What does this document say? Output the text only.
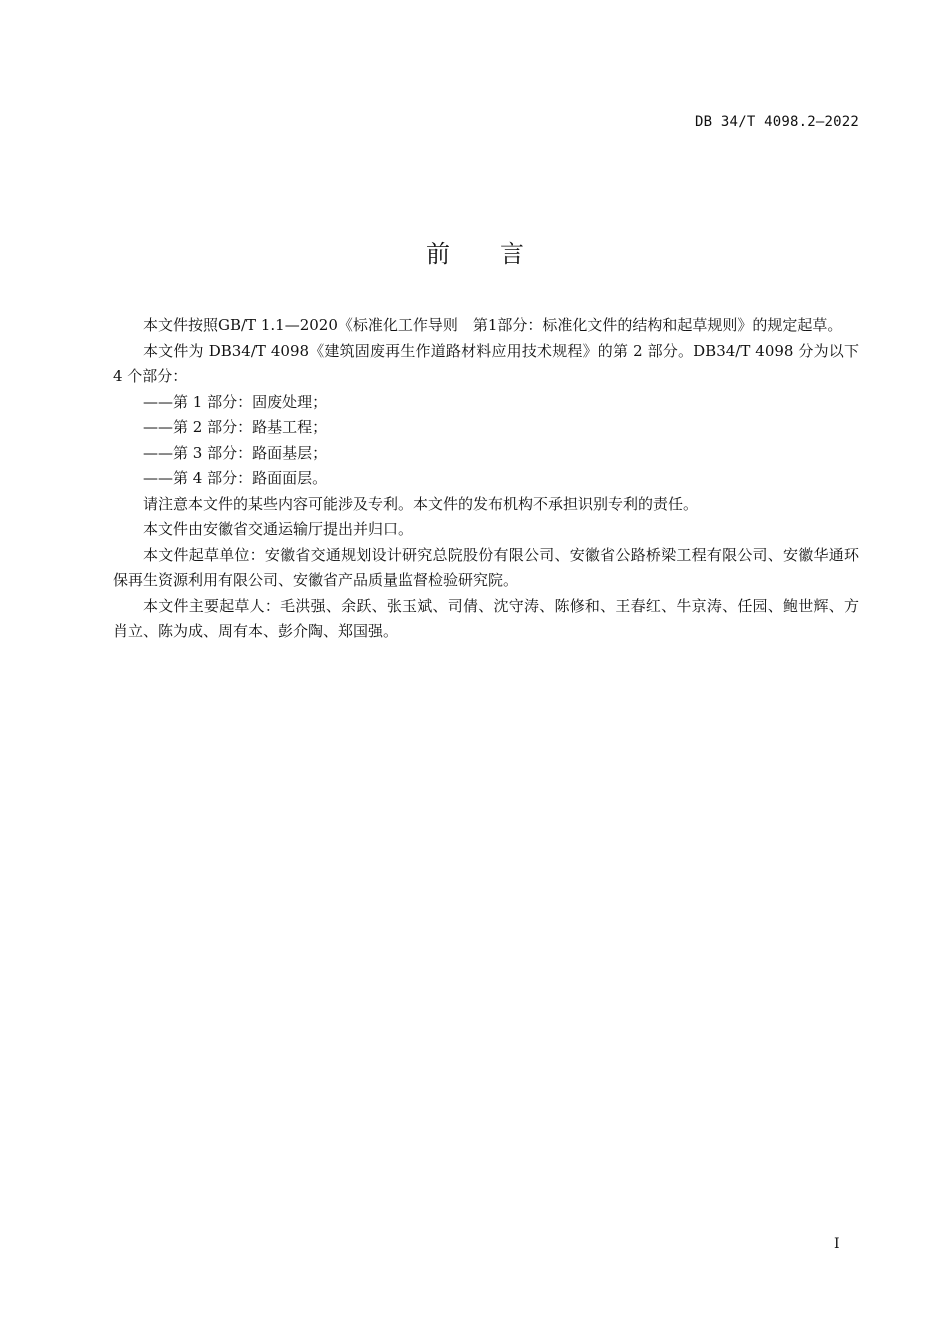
DB 34/T 4098.2—2022
前 言

本文件按照GB/T 1.1—2020《标准化工作导则　第1部分：标准化文件的结构和起草规则》的规定起草。

本文件为 DB34/T 4098《建筑固废再生作道路材料应用技术规程》的第 2 部分。DB34/T 4098 分为以下 4 个部分：

——第 1 部分：固废处理；

——第 2 部分：路基工程；

——第 3 部分：路面基层；

——第 4 部分：路面面层。

请注意本文件的某些内容可能涉及专利。本文件的发布机构不承担识别专利的责任。

本文件由安徽省交通运输厅提出并归口。

本文件起草单位：安徽省交通规划设计研究总院股份有限公司、安徽省公路桥梁工程有限公司、安徽华通环保再生资源利用有限公司、安徽省产品质量监督检验研究院。

本文件主要起草人：毛洪强、余跃、张玉斌、司倩、沈守涛、陈修和、王春红、牛京涛、任园、鲍世辉、方肖立、陈为成、周有本、彭介陶、郑国强。

I
